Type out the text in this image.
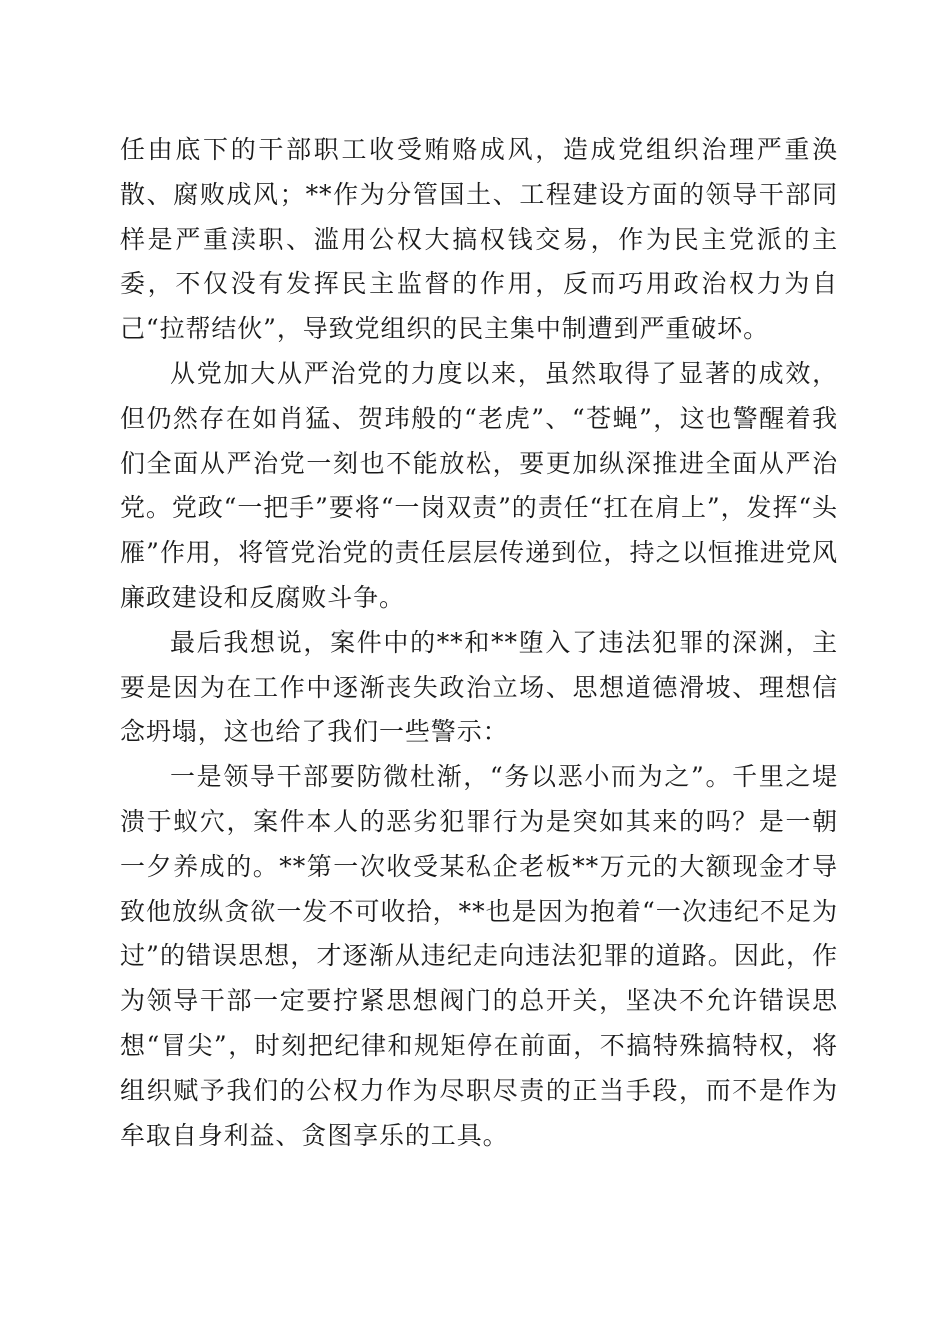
任由底下的干部职工收受贿赂成风，造成党组织治理严重涣散、腐败成风；**作为分管国土、工程建设方面的领导干部同样是严重渎职、滥用公权大搞权钱交易，作为民主党派的主委，不仅没有发挥民主监督的作用，反而巧用政治权力为自己“拉帮结伙”，导致党组织的民主集中制遭到严重破坏。

从党加大从严治党的力度以来，虽然取得了显著的成效，但仍然存在如肖猛、贺玮般的“老虎”、“苍蝇”，这也警醒着我们全面从严治党一刻也不能放松，要更加纵深推进全面从严治党。党政“一把手”要将“一岗双责”的责任“扛在肩上”，发挥“头雁”作用，将管党治党的责任层层传递到位，持之以恒推进党风廉政建设和反腐败斗争。

最后我想说，案件中的**和**堕入了违法犯罪的深渊，主要是因为在工作中逐渐丧失政治立场、思想道德滑坡、理想信念坍塌，这也给了我们一些警示：

一是领导干部要防微杜渐，“务以恶小而为之”。千里之堤溃于蚁穴，案件本人的恶劣犯罪行为是突如其来的吗？是一朝一夕养成的。**第一次收受某私企老板**万元的大额现金才导致他放纵贪欲一发不可收拾，**也是因为抱着“一次违纪不足为过”的错误思想，才逐渐从违纪走向违法犯罪的道路。因此，作为领导干部一定要拧紧思想阀门的总开关，坚决不允许错误思想“冒尖”，时刻把纪律和规矩停在前面，不搞特殊搞特权，将组织赋予我们的公权力作为尽职尽责的正当手段，而不是作为牟取自身利益、贪图享乐的工具。
